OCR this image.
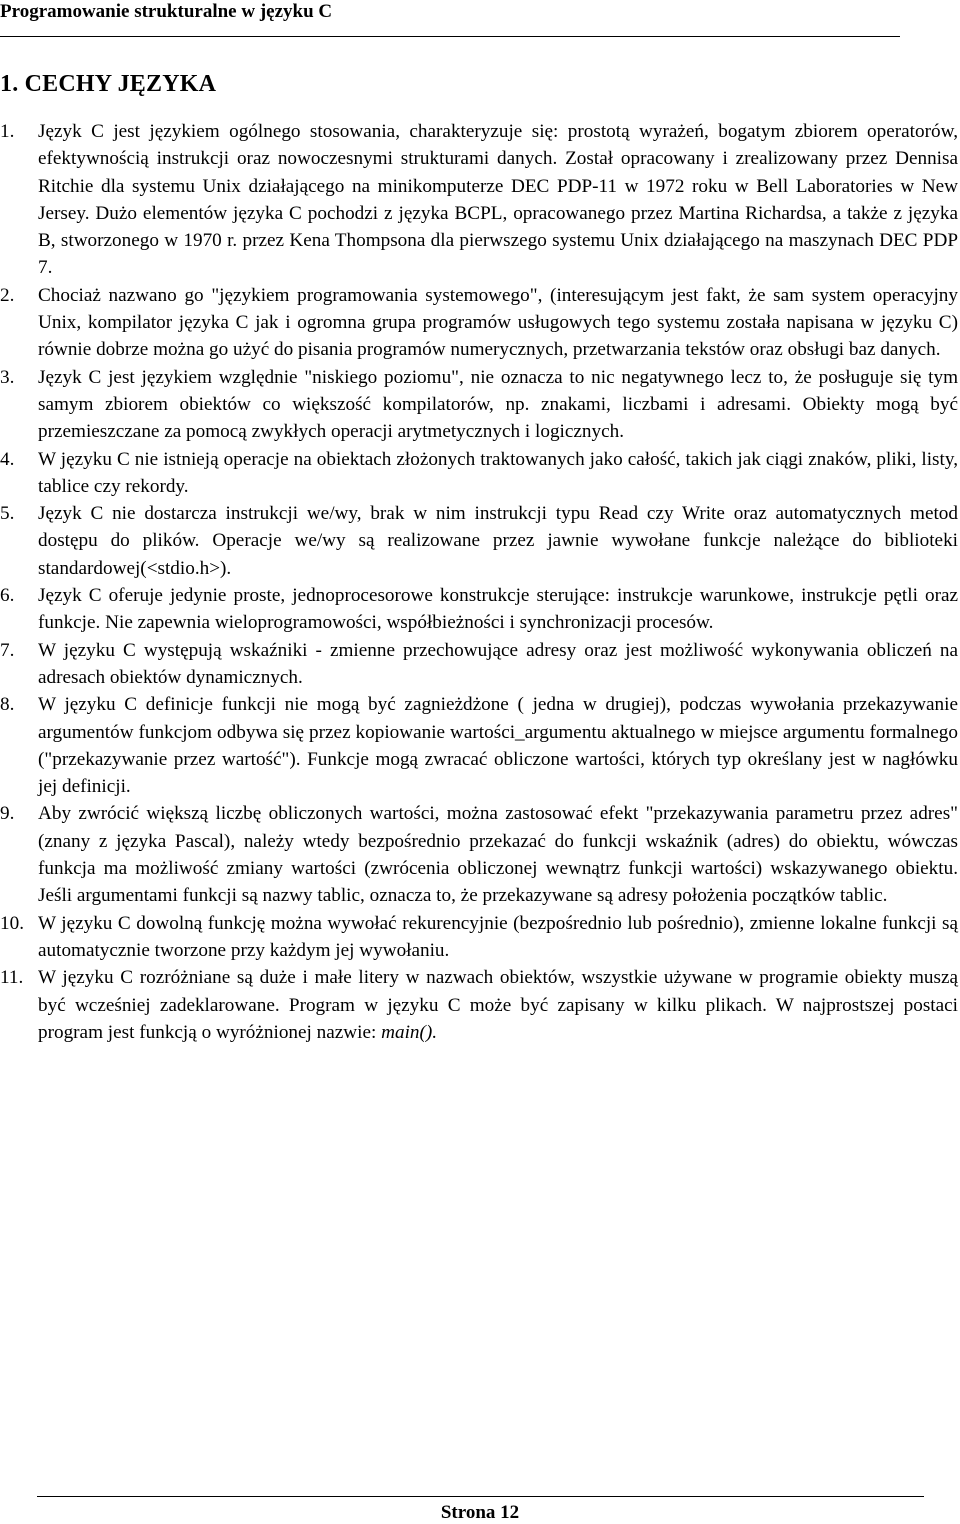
Programowanie strukturalne w języku C
1. CECHY JĘZYKA
1. Język C jest językiem ogólnego stosowania, charakteryzuje się: prostotą wyrażeń, bogatym zbiorem operatorów, efektywnością instrukcji oraz nowoczesnymi strukturami danych. Został opracowany i zrealizowany przez Dennisa Ritchie dla systemu Unix działającego na minikomputerze DEC PDP-11 w 1972 roku w Bell Laboratories w New Jersey. Dużo elementów języka C pochodzi z języka BCPL, opracowanego przez Martina Richardsa, a także z języka B, stworzonego w 1970 r. przez Kena Thompsona dla pierwszego systemu Unix działającego na maszynach DEC PDP 7.
2. Chociaż nazwano go "językiem programowania systemowego", (interesującym jest fakt, że sam system operacyjny Unix, kompilator języka C jak i ogromna grupa programów usługowych tego systemu została napisana w języku C) równie dobrze można go użyć do pisania programów numerycznych, przetwarzania tekstów oraz obsługi baz danych.
3. Język C jest językiem względnie "niskiego poziomu", nie oznacza to nic negatywnego lecz to, że posługuje się tym samym zbiorem obiektów co większość kompilatorów, np. znakami, liczbami i adresami. Obiekty mogą być przemieszczane za pomocą zwykłych operacji arytmetycznych i logicznych.
4. W języku C nie istnieją operacje na obiektach złożonych traktowanych jako całość, takich jak ciągi znaków, pliki, listy, tablice czy rekordy.
5. Język C nie dostarcza instrukcji we/wy, brak w nim instrukcji typu Read czy Write oraz automatycznych metod dostępu do plików. Operacje we/wy są realizowane przez jawnie wywołane funkcje należące do biblioteki standardowej(<stdio.h>).
6. Język C oferuje jedynie proste, jednoprocesorowe konstrukcje sterujące: instrukcje warunkowe, instrukcje pętli oraz funkcje. Nie zapewnia wieloprogramowości, współbieżności i synchronizacji procesów.
7. W języku C występują wskaźniki - zmienne przechowujące adresy oraz jest możliwość wykonywania obliczeń na adresach obiektów dynamicznych.
8. W języku C definicje funkcji nie mogą być zagnieżdżone ( jedna w drugiej), podczas wywołania przekazywanie argumentów funkcjom odbywa się przez kopiowanie wartości_argumentu aktualnego w miejsce argumentu formalnego ("przekazywanie przez wartość"). Funkcje mogą zwracać obliczone wartości, których typ określany jest w nagłówku jej definicji.
9. Aby zwrócić większą liczbę obliczonych wartości, można zastosować efekt "przekazywania parametru przez adres" (znany z języka Pascal), należy wtedy bezpośrednio przekazać do funkcji wskaźnik (adres) do obiektu, wówczas funkcja ma możliwość zmiany wartości (zwrócenia obliczonej wewnątrz funkcji wartości) wskazywanego obiektu. Jeśli argumentami funkcji są nazwy tablic, oznacza to, że przekazywane są adresy położenia początków tablic.
10. W języku C dowolną funkcję można wywołać rekurencyjnie (bezpośrednio lub pośrednio), zmienne lokalne funkcji są automatycznie tworzone przy każdym jej wywołaniu.
11. W języku C rozróżniane są duże i małe litery w nazwach obiektów, wszystkie używane w programie obiekty muszą być wcześniej zadeklarowane. Program w języku C może być zapisany w kilku plikach. W najprostszej postaci program jest funkcją o wyróżnionej nazwie: main().
Strona 12
